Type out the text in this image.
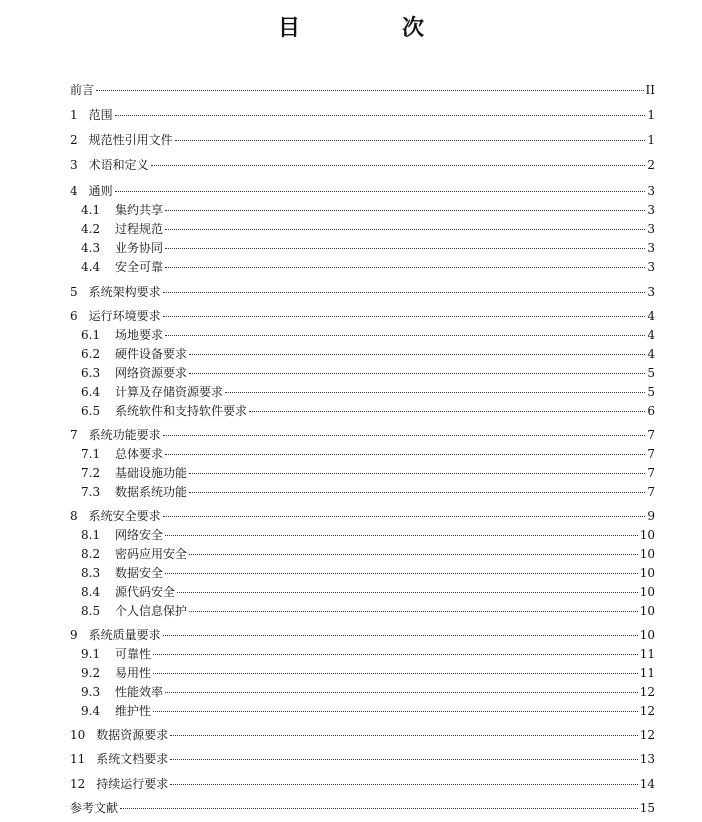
目　次
前言	II
1 范围	1
2 规范性引用文件	1
3 术语和定义	2
4 通则	3
4.1	集约共享	3
4.2	过程规范	3
4.3	业务协同	3
4.4	安全可靠	3
5 系统架构要求	3
6 运行环境要求	4
6.1	场地要求	4
6.2	硬件设备要求	4
6.3	网络资源要求	5
6.4	计算及存储资源要求	5
6.5	系统软件和支持软件要求	6
7 系统功能要求	7
7.1	总体要求	7
7.2	基础设施功能	7
7.3	数据系统功能	7
8 系统安全要求	9
8.1	网络安全	10
8.2	密码应用安全	10
8.3	数据安全	10
8.4	源代码安全	10
8.5	个人信息保护	10
9 系统质量要求	10
9.1	可靠性	11
9.2	易用性	11
9.3	性能效率	12
9.4	维护性	12
10 数据资源要求	12
11 系统文档要求	13
12 持续运行要求	14
参考文献	15
